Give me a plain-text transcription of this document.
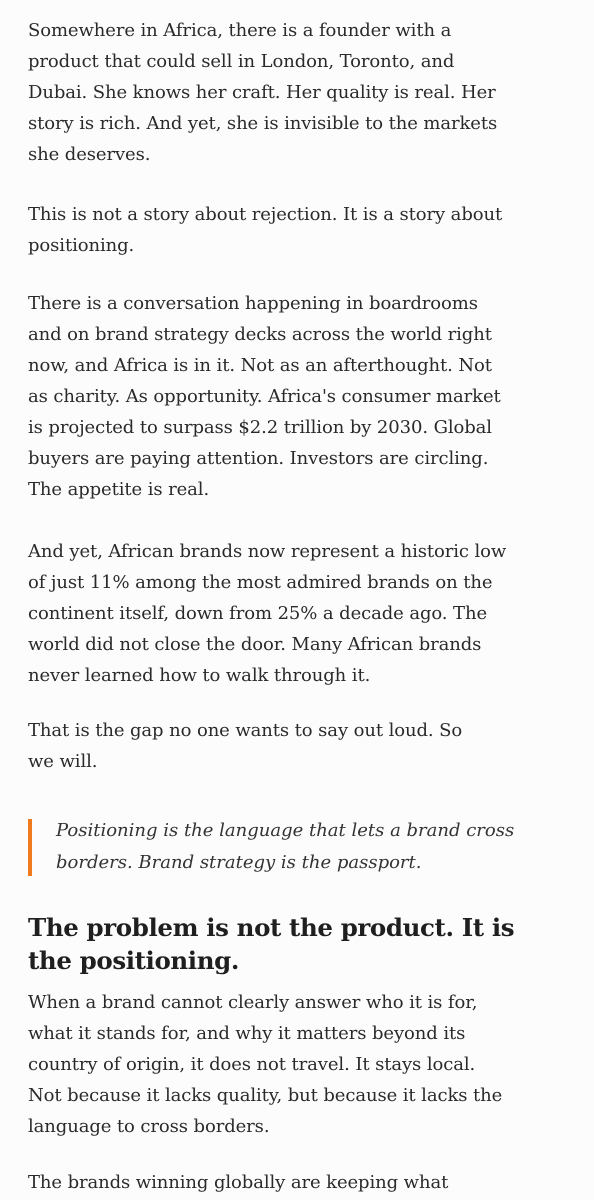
Somewhere in Africa, there is a founder with a
product that could sell in London, Toronto, and
Dubai. She knows her craft. Her quality is real. Her
story is rich. And yet, she is invisible to the markets
she deserves.

This is not a story about rejection. It is a story about
positioning.

There is a conversation happening in boardrooms
and on brand strategy decks across the world right
now, and Africa is in it. Not as an afterthought. Not
as charity. As opportunity. Africa's consumer market
is projected to surpass $2.2 trillion by 2030. Global
buyers are paying attention. Investors are circling.
The appetite is real.

And yet, African brands now represent a historic low
of just 11% among the most admired brands on the
continent itself, down from 25% a decade ago. The
world did not close the door. Many African brands
never learned how to walk through it.

That is the gap no one wants to say out loud. So
we will.

Positioning is the language that lets a brand cross
borders. Brand strategy is the passport.

The problem is not the product. It is
the positioning.

When a brand cannot clearly answer who it is for,
what it stands for, and why it matters beyond its
country of origin, it does not travel. It stays local.
Not because it lacks quality, but because it lacks the
language to cross borders.

The brands winning globally are keeping what
